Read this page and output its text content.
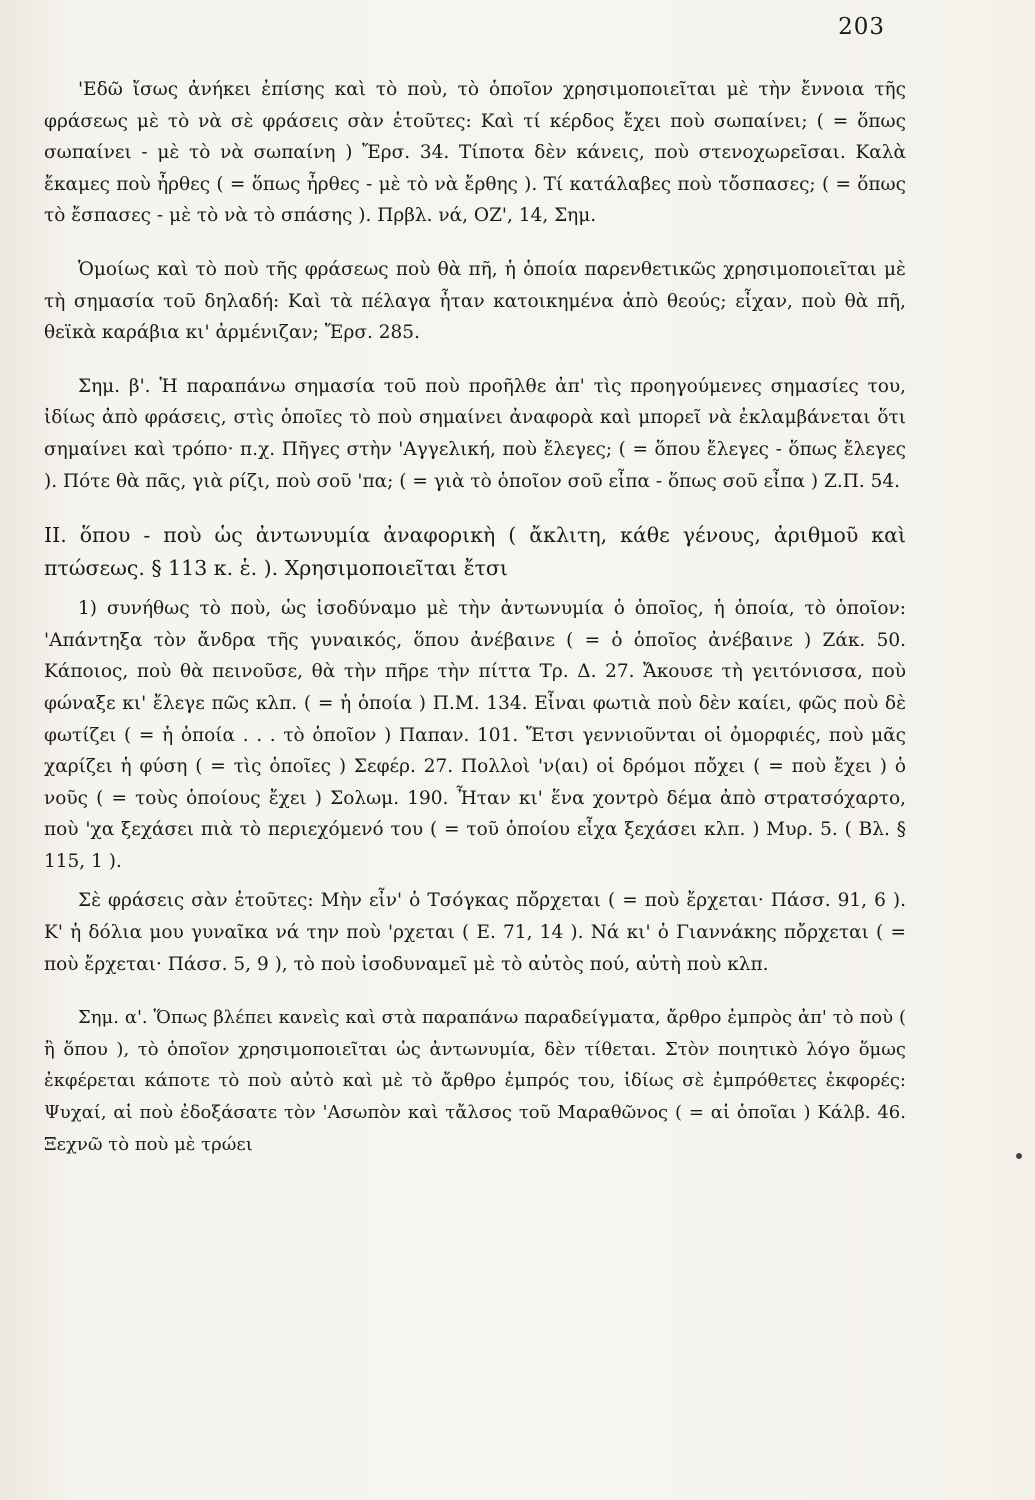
203

'Εδῶ ἴσως ἀνήκει ἐπίσης καὶ τὸ ποὺ, τὸ ὁποῖον χρησιμοποιεῖται μὲ τὴν ἔννοια τῆς φράσεως μὲ τὸ νὰ σὲ φράσεις σὰν ἐτοῦτες: Καὶ τί κέρδος ἔχει ποὺ σωπαίνει; ( = ὅπως σωπαίνει - μὲ τὸ νὰ σωπαίνη ) Ἔρσ. 34. Τίποτα δὲν κάνεις, ποὺ στενοχωρεῖσαι. Καλὰ ἔκαμες ποὺ ἦρθες ( = ὅπως ἦρθες - μὲ τὸ νὰ ἔρθης ). Τί κατάλαβες ποὺ τὄσπασες; ( = ὅπως τὸ ἔσπασες - μὲ τὸ νὰ τὸ σπάσης ). Πρβλ. νά, ΟΖ', 14, Σημ.

Ὁμοίως καὶ τὸ ποὺ τῆς φράσεως ποὺ θὰ πῆ, ἡ ὁποία παρενθετικῶς χρησιμοποιεῖται μὲ τὴ σημασία τοῦ δηλαδή: Καὶ τὰ πέλαγα ἦταν κατοικημένα ἀπὸ θεούς; εἶχαν, ποὺ θὰ πῆ, θεϊκὰ καράβια κι' ἀρμένιζαν; Ἔρσ. 285.

Σημ. β'. Ἡ παραπάνω σημασία τοῦ ποὺ προῆλθε ἀπ' τὶς προηγούμενες σημασίες του, ἰδίως ἀπὸ φράσεις, στὶς ὁποῖες τὸ ποὺ σημαίνει ἀναφορὰ καὶ μπορεῖ νὰ ἐκλαμβάνεται ὅτι σημαίνει καὶ τρόπο· π.χ. Πῆγες στὴν 'Αγγελική, ποὺ ἔλεγες; ( = ὅπου ἔλεγες - ὅπως ἔλεγες ). Πότε θὰ πᾶς, γιὰ ρίζι, ποὺ σοῦ 'πα; ( = γιὰ τὸ ὁποῖον σοῦ εἶπα - ὅπως σοῦ εἶπα ) Ζ.Π. 54.

ΙΙ. ὅπου - ποὺ ὡς ἀντωνυμία ἀναφορικὴ ( ἄκλιτη, κάθε γένους, ἀριθμοῦ καὶ πτώσεως. § 113 κ. ἑ. ). Χρησιμοποιεῖται ἔτσι

1) συνήθως τὸ ποὺ, ὡς ἰσοδύναμο μὲ τὴν ἀντωνυμία ὁ ὁποῖος, ἡ ὁποία, τὸ ὁποῖον: 'Απάντηξα τὸν ἄνδρα τῆς γυναικός, ὅπου ἀνέβαινε ( = ὁ ὁποῖος ἀνέβαινε ) Ζάκ. 50. Κάποιος, ποὺ θὰ πεινοῦσε, θὰ τὴν πῆρε τὴν πίττα Τρ. Δ. 27. Ἄκουσε τὴ γειτόνισσα, ποὺ φώναξε κι' ἔλεγε πῶς κλπ. ( = ἡ ὁποία ) Π.Μ. 134. Εἶναι φωτιὰ ποὺ δὲν καίει, φῶς ποὺ δὲ φωτίζει ( = ἡ ὁποία . . . τὸ ὁποῖον ) Παπαν. 101. Ἔτσι γεννιοῦνται οἱ ὀμορφιές, ποὺ μᾶς χαρίζει ἡ φύση ( = τὶς ὁποῖες ) Σεφέρ. 27. Πολλοὶ 'ν(αι) οἱ δρόμοι πὄχει ( = ποὺ ἔχει ) ὁ νοῦς ( = τοὺς ὁποίους ἔχει ) Σολωμ. 190. Ἦταν κι' ἕνα χοντρὸ δέμα ἀπὸ στρατσόχαρτο, ποὺ 'χα ξεχάσει πιὰ τὸ περιεχόμενό του ( = τοῦ ὁποίου εἶχα ξεχάσει κλπ. ) Μυρ. 5. ( Βλ. § 115, 1 ).

Σὲ φράσεις σὰν ἐτοῦτες: Μὴν εἶν' ὁ Τσόγκας πὄρχεται ( = ποὺ ἔρχεται· Πάσσ. 91, 6 ). Κ' ἡ δόλια μου γυναῖκα νά την ποὺ 'ρχεται ( Ε. 71, 14 ). Νά κι' ὁ Γιαννάκης πὄρχεται ( = ποὺ ἔρχεται· Πάσσ. 5, 9 ), τὸ ποὺ ἰσοδυναμεῖ μὲ τὸ αὐτὸς πού, αὐτὴ ποὺ κλπ.

Σημ. α'. Ὅπως βλέπει κανεὶς καὶ στὰ παραπάνω παραδείγματα, ἄρθρο ἐμπρὸς ἀπ' τὸ ποὺ ( ἢ ὅπου ), τὸ ὁποῖον χρησιμοποιεῖται ὡς ἀντωνυμία, δὲν τίθεται. Στὸν ποιητικὸ λόγο ὅμως ἐκφέρεται κάποτε τὸ ποὺ αὐτὸ καὶ μὲ τὸ ἄρθρο ἐμπρός του, ἰδίως σὲ ἐμπρόθετες ἐκφορές: Ψυχαί, αἱ ποὺ ἐδοξάσατε τὸν 'Ασωπὸν καὶ τἄλσος τοῦ Μαραθῶνος ( = αἱ ὁποῖαι ) Κάλβ. 46. Ξεχνῶ τὸ ποὺ μὲ τρώει
